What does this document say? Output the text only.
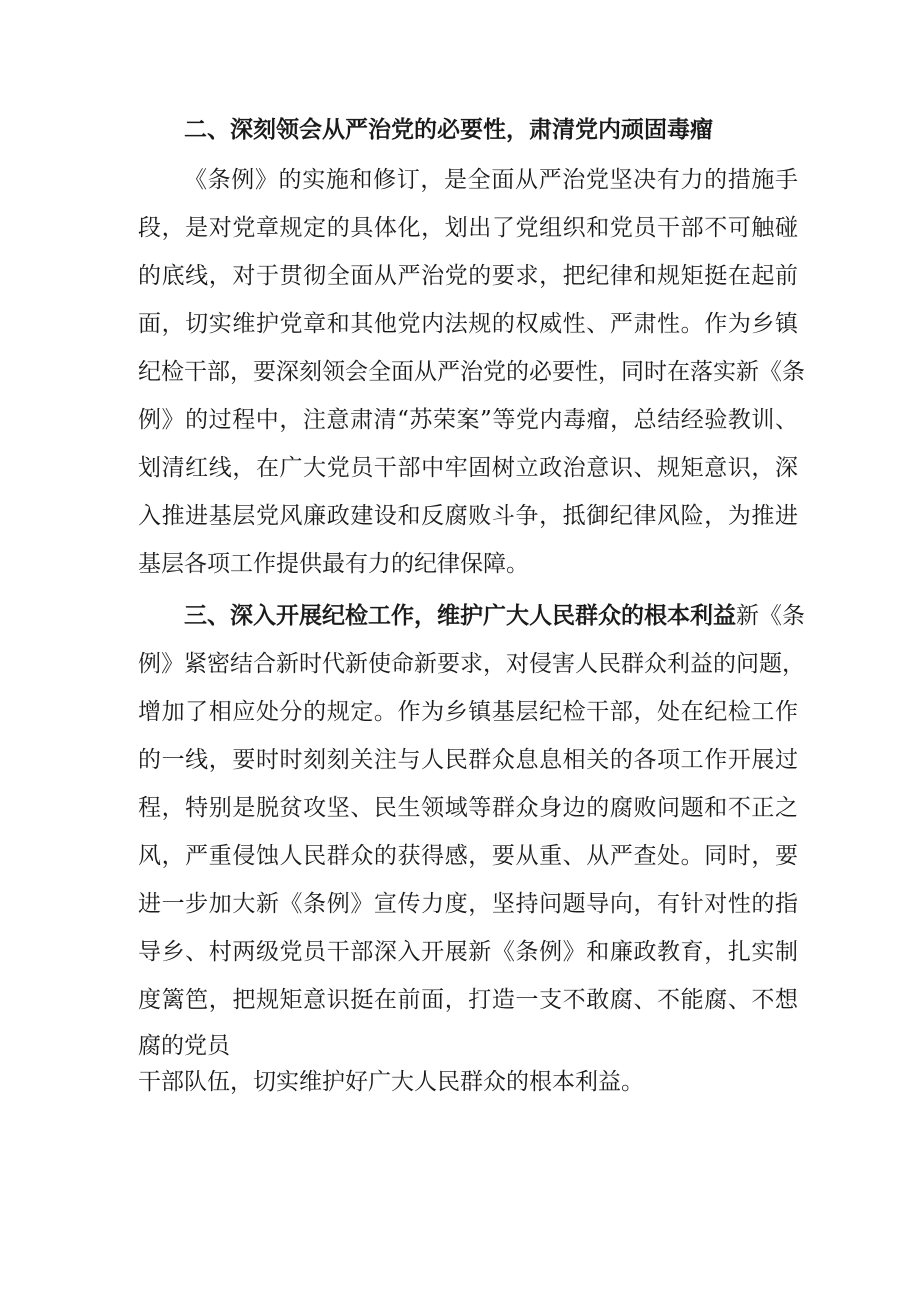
二、深刻领会从严治党的必要性，肃清党内顽固毒瘤
《条例》的实施和修订，是全面从严治党坚决有力的措施手
段，是对党章规定的具体化，划出了党组织和党员干部不可触碰
的底线，对于贯彻全面从严治党的要求，把纪律和规矩挺在起前
面，切实维护党章和其他党内法规的权威性、严肃性。作为乡镇
纪检干部，要深刻领会全面从严治党的必要性，同时在落实新《条
例》的过程中，注意肃清“苏荣案”等党内毒瘤，总结经验教训、
划清红线，在广大党员干部中牢固树立政治意识、规矩意识，深
入推进基层党风廉政建设和反腐败斗争，抵御纪律风险，为推进
基层各项工作提供最有力的纪律保障。
三、深入开展纪检工作，维护广大人民群众的根本利益新《条
例》紧密结合新时代新使命新要求，对侵害人民群众利益的问题，
增加了相应处分的规定。作为乡镇基层纪检干部，处在纪检工作
的一线，要时时刻刻关注与人民群众息息相关的各项工作开展过
程，特别是脱贫攻坚、民生领域等群众身边的腐败问题和不正之
风，严重侵蚀人民群众的获得感，要从重、从严查处。同时，要
进一步加大新《条例》宣传力度，坚持问题导向，有针对性的指
导乡、村两级党员干部深入开展新《条例》和廉政教育，扎实制
度篱笆，把规矩意识挺在前面，打造一支不敢腐、不能腐、不想
腐的党员
干部队伍，切实维护好广大人民群众的根本利益。
